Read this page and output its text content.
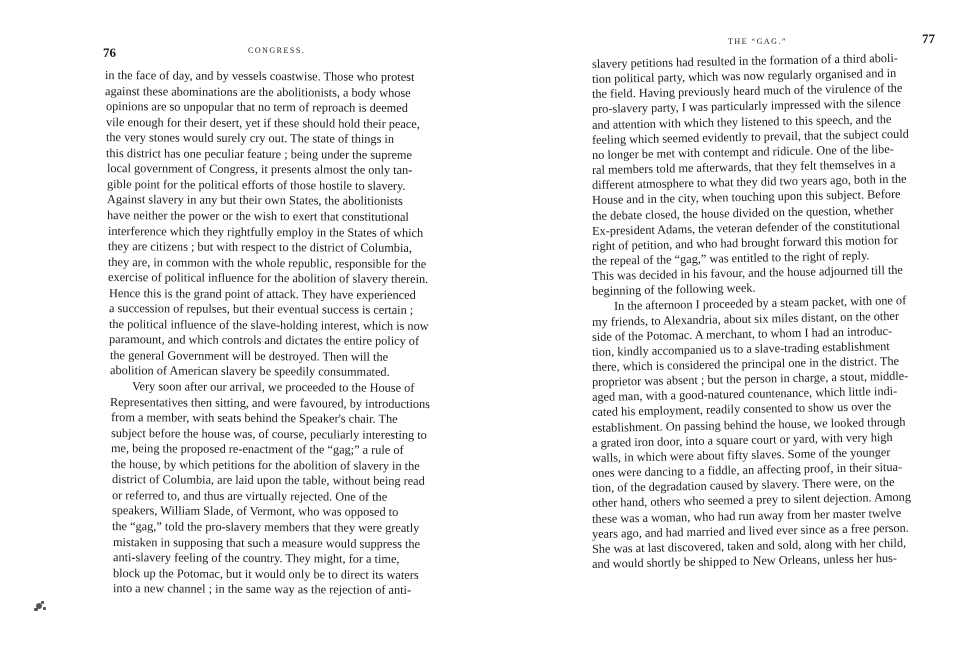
76	CONGRESS.
in the face of day, and by vessels coastwise. Those who protest
against these abominations are the abolitionists, a body whose
opinions are so unpopular that no term of reproach is deemed
vile enough for their desert, yet if these should hold their peace,
the very stones would surely cry out. The state of things in
this district has one peculiar feature ; being under the supreme
local government of Congress, it presents almost the only tan-
gible point for the political efforts of those hostile to slavery.
Against slavery in any but their own States, the abolitionists
have neither the power or the wish to exert that constitutional
interference which they rightfully employ in the States of which
they are citizens ; but with respect to the district of Columbia,
they are, in common with the whole republic, responsible for the
exercise of political influence for the abolition of slavery therein.
Hence this is the grand point of attack. They have experienced
a succession of repulses, but their eventual success is certain ;
the political influence of the slave-holding interest, which is now
paramount, and which controls and dictates the entire policy of
the general Government will be destroyed. Then will the
abolition of American slavery be speedily consummated.
Very soon after our arrival, we proceeded to the House of
Representatives then sitting, and were favoured, by introductions
from a member, with seats behind the Speaker's chair. The
subject before the house was, of course, peculiarly interesting to
me, being the proposed re-enactment of the “gag;” a rule of
the house, by which petitions for the abolition of slavery in the
district of Columbia, are laid upon the table, without being read
or referred to, and thus are virtually rejected. One of the
speakers, William Slade, of Vermont, who was opposed to
the “gag,” told the pro-slavery members that they were greatly
mistaken in supposing that such a measure would suppress the
anti-slavery feeling of the country. They might, for a time,
block up the Potomac, but it would only be to direct its waters
into a new channel ; in the same way as the rejection of anti-
THE “GAG.”	77
slavery petitions had resulted in the formation of a third aboli-
tion political party, which was now regularly organised and in
the field. Having previously heard much of the virulence of the
pro-slavery party, I was particularly impressed with the silence
and attention with which they listened to this speech, and the
feeling which seemed evidently to prevail, that the subject could
no longer be met with contempt and ridicule. One of the libe-
ral members told me afterwards, that they felt themselves in a
different atmosphere to what they did two years ago, both in the
House and in the city, when touching upon this subject. Before
the debate closed, the house divided on the question, whether
Ex-president Adams, the veteran defender of the constitutional
right of petition, and who had brought forward this motion for
the repeal of the “gag,” was entitled to the right of reply.
This was decided in his favour, and the house adjourned till the
beginning of the following week.
In the afternoon I proceeded by a steam packet, with one of
my friends, to Alexandria, about six miles distant, on the other
side of the Potomac. A merchant, to whom I had an introduc-
tion, kindly accompanied us to a slave-trading establishment
there, which is considered the principal one in the district. The
proprietor was absent ; but the person in charge, a stout, middle-
aged man, with a good-natured countenance, which little indi-
cated his employment, readily consented to show us over the
establishment. On passing behind the house, we looked through
a grated iron door, into a square court or yard, with very high
walls, in which were about fifty slaves. Some of the younger
ones were dancing to a fiddle, an affecting proof, in their situa-
tion, of the degradation caused by slavery. There were, on the
other hand, others who seemed a prey to silent dejection. Among
these was a woman, who had run away from her master twelve
years ago, and had married and lived ever since as a free person.
She was at last discovered, taken and sold, along with her child,
and would shortly be shipped to New Orleans, unless her hus-
